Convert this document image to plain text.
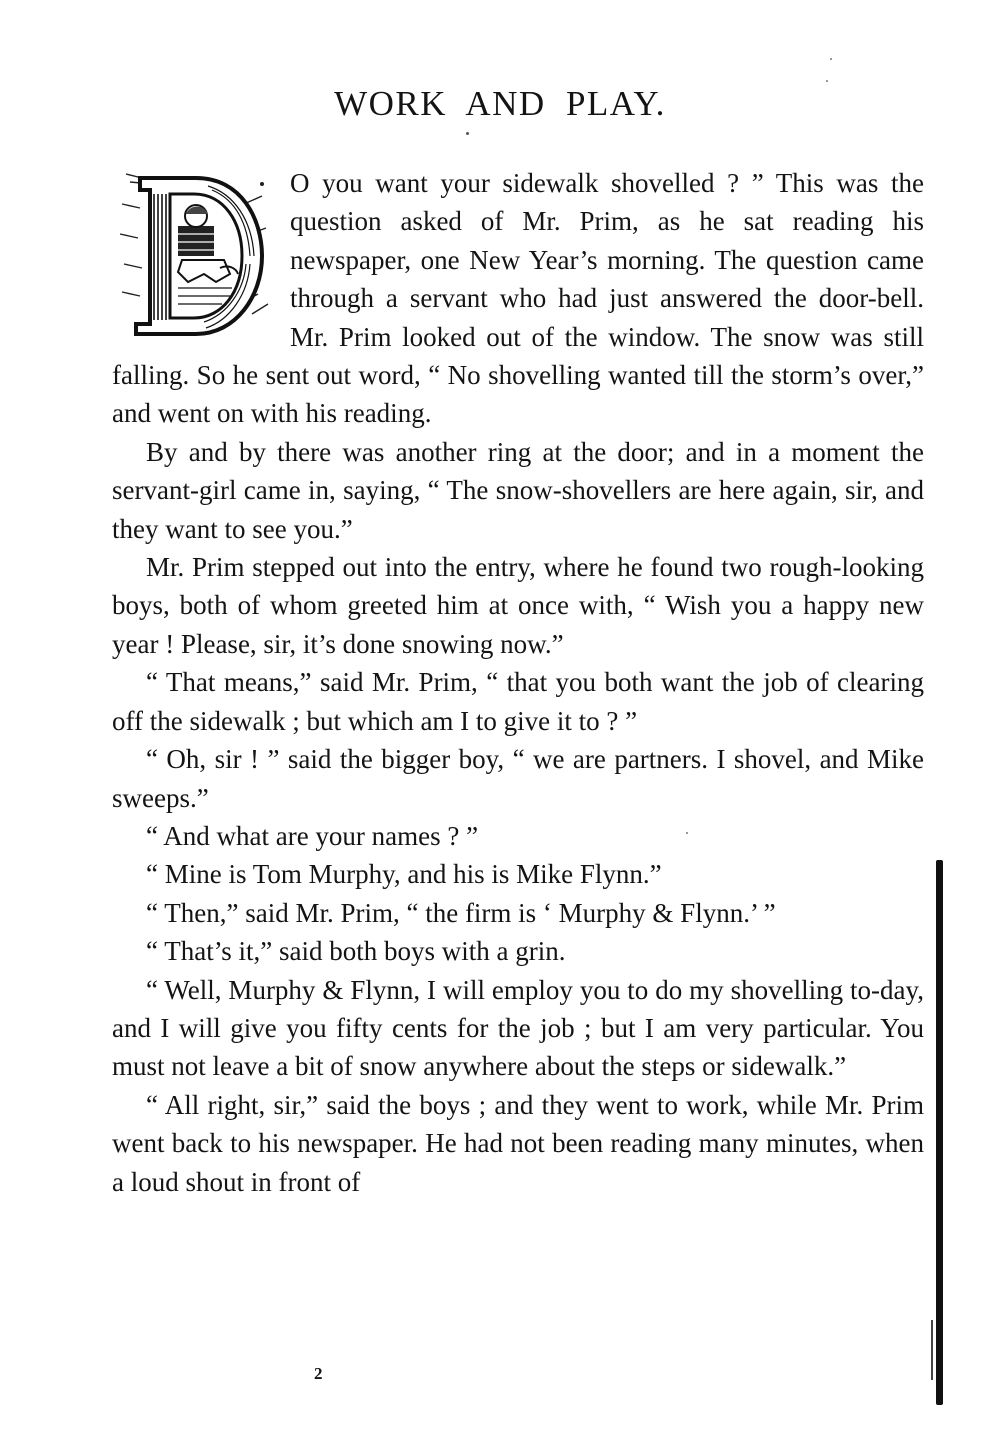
WORK AND PLAY.

O you want your sidewalk shovelled ? ” This was the question asked of Mr. Prim, as he sat reading his newspaper, one New Year’s morning. The question came through a servant who had just answered the door-bell. Mr. Prim looked out of the window. The snow was still falling. So he sent out word, “ No shovelling wanted till the storm’s over,” and went on with his reading.

By and by there was another ring at the door; and in a moment the servant-girl came in, saying, “ The snow-shovellers are here again, sir, and they want to see you.”

Mr. Prim stepped out into the entry, where he found two rough-looking boys, both of whom greeted him at once with, “ Wish you a happy new year ! Please, sir, it’s done snowing now.”

“ That means,” said Mr. Prim, “ that you both want the job of clearing off the sidewalk ; but which am I to give it to ? ”

“ Oh, sir ! ” said the bigger boy, “ we are partners. I shovel, and Mike sweeps.”

“ And what are your names ? ”

“ Mine is Tom Murphy, and his is Mike Flynn.”

“ Then,” said Mr. Prim, “ the firm is ‘ Murphy & Flynn.’ ”

“ That’s it,” said both boys with a grin.

“ Well, Murphy & Flynn, I will employ you to do my shovelling to-day, and I will give you fifty cents for the job ; but I am very particular. You must not leave a bit of snow anywhere about the steps or sidewalk.”

“ All right, sir,” said the boys ; and they went to work, while Mr. Prim went back to his newspaper. He had not been reading many minutes, when a loud shout in front of

2
